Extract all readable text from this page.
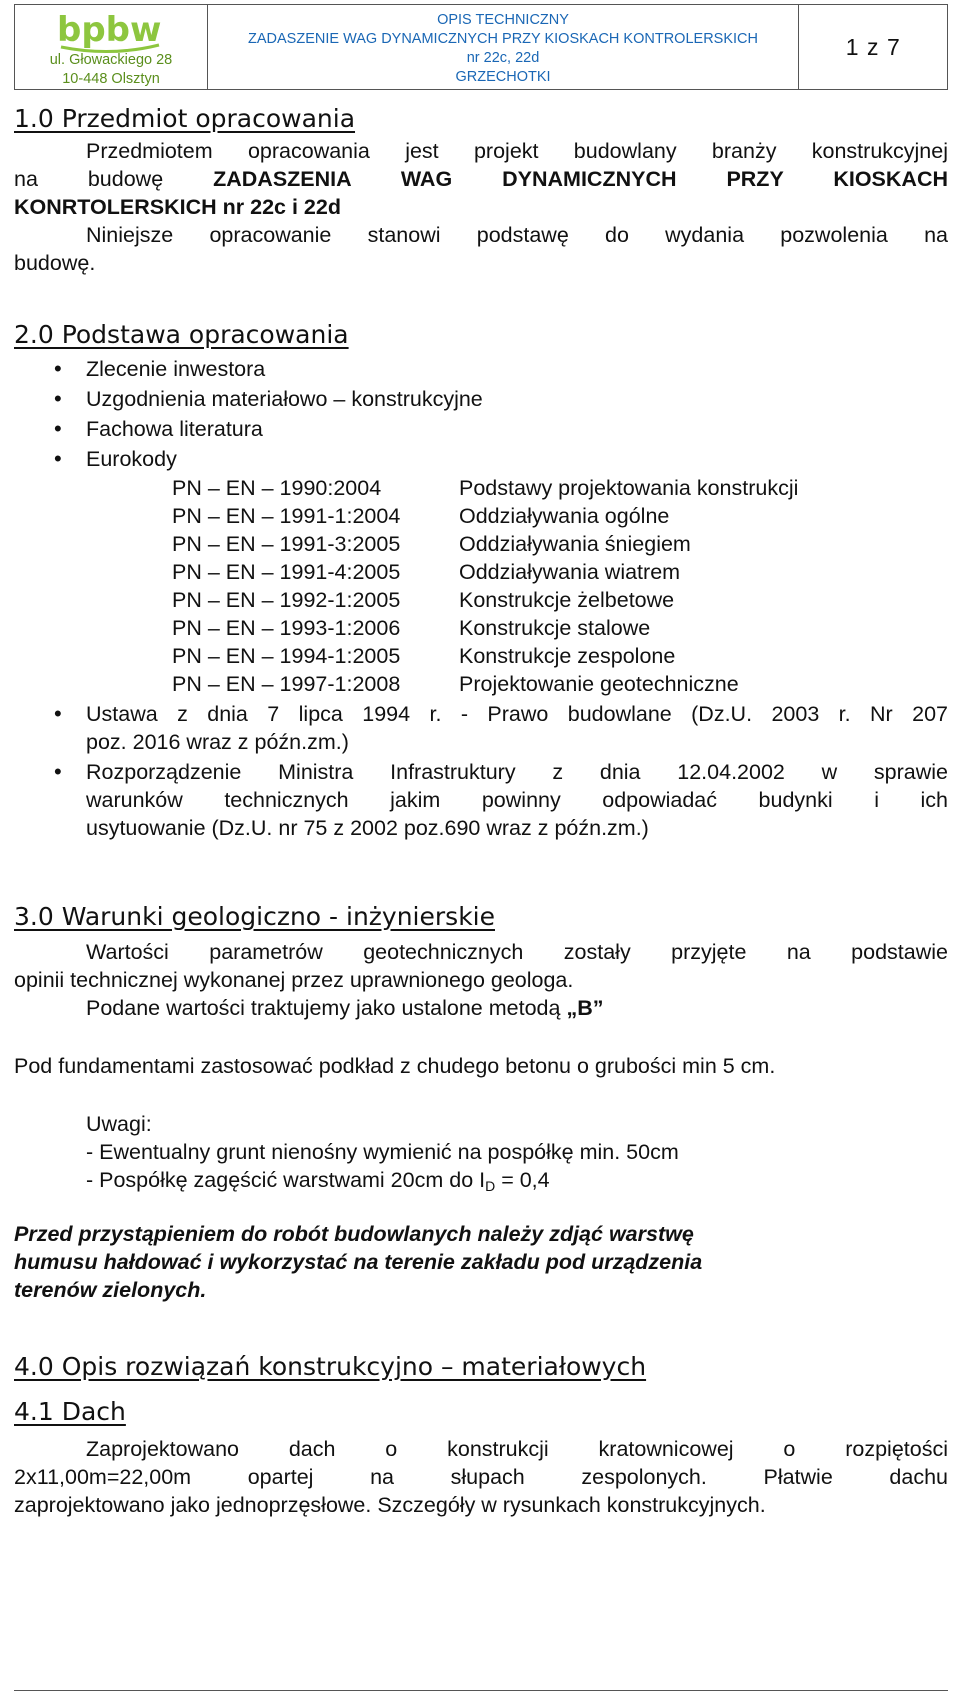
bpbw
ul. Głowackiego 28
10-448 Olsztyn
OPIS TECHNICZNY
ZADASZENIE WAG DYNAMICZNYCH PRZY KIOSKACH KONTROLERSKICH
nr 22c, 22d
GRZECHOTKI
1 z 7
1.0 Przedmiot opracowania
Przedmiotem opracowania jest projekt budowlany branży konstrukcyjnej
na budowę ZADASZENIA WAG DYNAMICZNYCH PRZY KIOSKACH
KONRTOLERSKICH nr 22c i 22d
Niniejsze opracowanie stanowi podstawę do wydania pozwolenia na
budowę.
2.0 Podstawa opracowania
• Zlecenie inwestora
• Uzgodnienia materiałowo – konstrukcyjne
• Fachowa literatura
• Eurokody
PN – EN – 1990:2004	Podstawy projektowania konstrukcji
PN – EN – 1991-1:2004	Oddziaływania ogólne
PN – EN – 1991-3:2005	Oddziaływania śniegiem
PN – EN – 1991-4:2005	Oddziaływania wiatrem
PN – EN – 1992-1:2005	Konstrukcje żelbetowe
PN – EN – 1993-1:2006	Konstrukcje stalowe
PN – EN – 1994-1:2005	Konstrukcje zespolone
PN – EN – 1997-1:2008	Projektowanie geotechniczne
• Ustawa z dnia 7 lipca 1994 r. - Prawo budowlane (Dz.U. 2003 r. Nr 207
poz. 2016 wraz z późn.zm.)
• Rozporządzenie Ministra Infrastruktury z dnia 12.04.2002 w sprawie
warunków technicznych jakim powinny odpowiadać budynki i ich
usytuowanie (Dz.U. nr 75 z 2002 poz.690 wraz z późn.zm.)
3.0 Warunki geologiczno - inżynierskie
Wartości parametrów geotechnicznych zostały przyjęte na podstawie
opinii technicznej wykonanej przez uprawnionego geologa.
Podane wartości traktujemy jako ustalone metodą „B”
Pod fundamentami zastosować podkład z chudego betonu o grubości min 5 cm.
Uwagi:
- Ewentualny grunt nienośny wymienić na pospółkę min. 50cm
- Pospółkę zagęścić warstwami 20cm do $I_D = 0,4$
Przed przystąpieniem do robót budowlanych należy zdjąć warstwę
humusu hałdować i wykorzystać na terenie zakładu pod urządzenia
terenów zielonych.
4.0 Opis rozwiązań konstrukcyjno – materiałowych
4.1 Dach
Zaprojektowano dach o konstrukcji kratownicowej o rozpiętości
2x11,00m=22,00m opartej na słupach zespolonych. Płatwie dachu
zaprojektowano jako jednoprzęsłowe. Szczegóły w rysunkach konstrukcyjnych.
